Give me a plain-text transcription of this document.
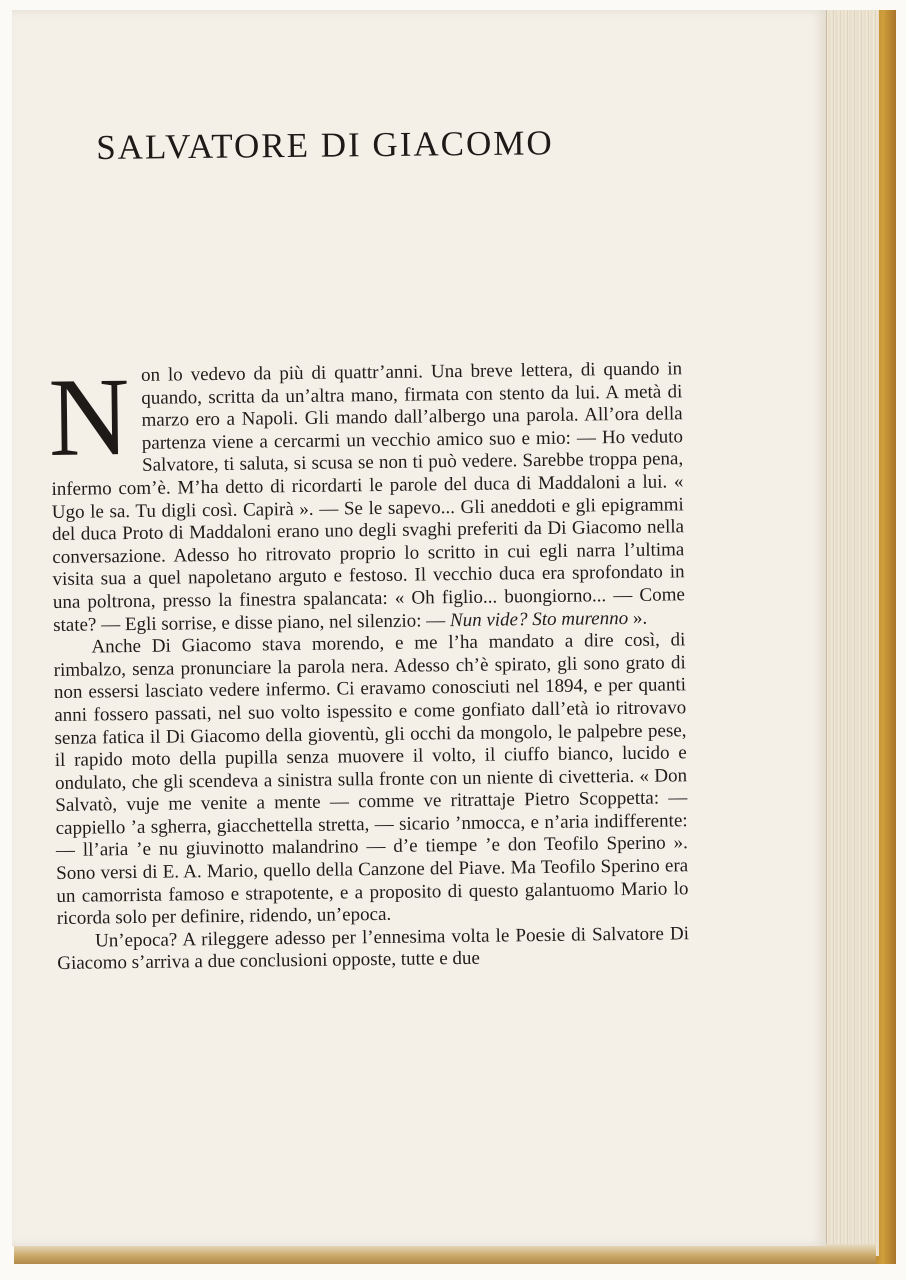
SALVATORE DI GIACOMO

Non lo vedevo da più di quattr’anni. Una breve lettera, di quando in quando, scritta da un’altra mano, firmata con stento da lui. A metà di marzo ero a Napoli. Gli mando dall’albergo una parola. All’ora della partenza viene a cercarmi un vecchio amico suo e mio: — Ho veduto Salvatore, ti saluta, si scusa se non ti può vedere. Sarebbe troppa pena, infermo com’è. M’ha detto di ricordarti le parole del duca di Maddaloni a lui. « Ugo le sa. Tu digli così. Capirà ». — Se le sapevo... Gli aneddoti e gli epigrammi del duca Proto di Maddaloni erano uno degli svaghi preferiti da Di Giacomo nella conversazione. Adesso ho ritrovato proprio lo scritto in cui egli narra l’ultima visita sua a quel napoletano arguto e festoso. Il vecchio duca era sprofondato in una poltrona, presso la finestra spalancata: « Oh figlio... buongiorno... — Come state? — Egli sorrise, e disse piano, nel silenzio: — Nun vide? Sto murenno ».

Anche Di Giacomo stava morendo, e me l’ha mandato a dire così, di rimbalzo, senza pronunciare la parola nera. Adesso ch’è spirato, gli sono grato di non essersi lasciato vedere infermo. Ci eravamo conosciuti nel 1894, e per quanti anni fossero passati, nel suo volto ispessito e come gonfiato dall’età io ritrovavo senza fatica il Di Giacomo della gioventù, gli occhi da mongolo, le palpebre pese, il rapido moto della pupilla senza muovere il volto, il ciuffo bianco, lucido e ondulato, che gli scendeva a sinistra sulla fronte con un niente di civetteria. « Don Salvatò, vuje me venite a mente — comme ve ritrattaje Pietro Scoppetta: — cappiello ’a sgherra, giacchettella stretta, — sicario ’nmocca, e n’aria indifferente: — ll’aria ’e nu giuvinotto malandrino — d’e tiempe ’e don Teofilo Sperino ». Sono versi di E. A. Mario, quello della Canzone del Piave. Ma Teofilo Sperino era un camorrista famoso e strapotente, e a proposito di questo galantuomo Mario lo ricorda solo per definire, ridendo, un’epoca.

Un’epoca? A rileggere adesso per l’ennesima volta le Poesie di Salvatore Di Giacomo s’arriva a due conclusioni opposte, tutte e due
